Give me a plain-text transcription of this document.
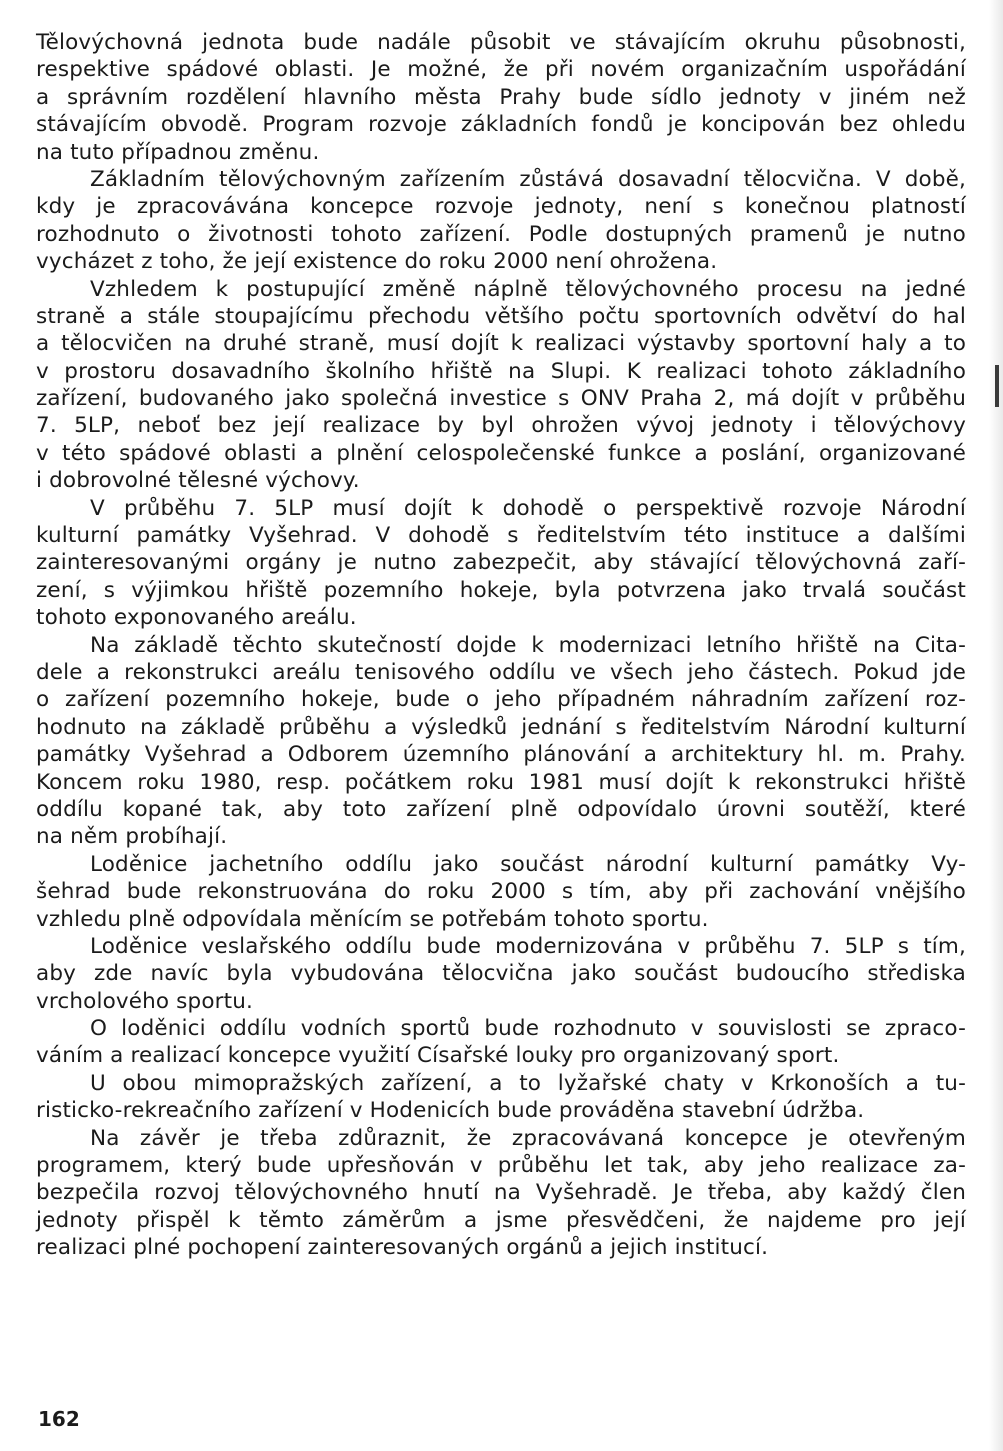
Tělovýchovná jednota bude nadále působit ve stávajícím okruhu působnosti,
respektive spádové oblasti. Je možné, že při novém organizačním uspořádání
a správním rozdělení hlavního města Prahy bude sídlo jednoty v jiném než
stávajícím obvodě. Program rozvoje základních fondů je koncipován bez ohledu
na tuto případnou změnu.
Základním tělovýchovným zařízením zůstává dosavadní tělocvična. V době,
kdy je zpracovávána koncepce rozvoje jednoty, není s konečnou platností
rozhodnuto o životnosti tohoto zařízení. Podle dostupných pramenů je nutno
vycházet z toho, že její existence do roku 2000 není ohrožena.
Vzhledem k postupující změně náplně tělovýchovného procesu na jedné
straně a stále stoupajícímu přechodu většího počtu sportovních odvětví do hal
a tělocvičen na druhé straně, musí dojít k realizaci výstavby sportovní haly a to
v prostoru dosavadního školního hřiště na Slupi. K realizaci tohoto základního
zařízení, budovaného jako společná investice s ONV Praha 2, má dojít v průběhu
7. 5LP, neboť bez její realizace by byl ohrožen vývoj jednoty i tělovýchovy
v této spádové oblasti a plnění celospolečenské funkce a poslání, organizované
i dobrovolné tělesné výchovy.
V průběhu 7. 5LP musí dojít k dohodě o perspektivě rozvoje Národní
kulturní památky Vyšehrad. V dohodě s ředitelstvím této instituce a dalšími
zainteresovanými orgány je nutno zabezpečit, aby stávající tělovýchovná zaří-
zení, s výjimkou hřiště pozemního hokeje, byla potvrzena jako trvalá součást
tohoto exponovaného areálu.
Na základě těchto skutečností dojde k modernizaci letního hřiště na Cita-
dele a rekonstrukci areálu tenisového oddílu ve všech jeho částech. Pokud jde
o zařízení pozemního hokeje, bude o jeho případném náhradním zařízení roz-
hodnuto na základě průběhu a výsledků jednání s ředitelstvím Národní kulturní
památky Vyšehrad a Odborem územního plánování a architektury hl. m. Prahy.
Koncem roku 1980, resp. počátkem roku 1981 musí dojít k rekonstrukci hřiště
oddílu kopané tak, aby toto zařízení plně odpovídalo úrovni soutěží, které
na něm probíhají.
Loděnice jachetního oddílu jako součást národní kulturní památky Vy-
šehrad bude rekonstruována do roku 2000 s tím, aby při zachování vnějšího
vzhledu plně odpovídala měnícím se potřebám tohoto sportu.
Loděnice veslařského oddílu bude modernizována v průběhu 7. 5LP s tím,
aby zde navíc byla vybudována tělocvična jako součást budoucího střediska
vrcholového sportu.
O loděnici oddílu vodních sportů bude rozhodnuto v souvislosti se zpraco-
váním a realizací koncepce využití Císařské louky pro organizovaný sport.
U obou mimopražských zařízení, a to lyžařské chaty v Krkonoších a tu-
risticko-rekreačního zařízení v Hodenicích bude prováděna stavební údržba.
Na závěr je třeba zdůraznit, že zpracovávaná koncepce je otevřeným
programem, který bude upřesňován v průběhu let tak, aby jeho realizace za-
bezpečila rozvoj tělovýchovného hnutí na Vyšehradě. Je třeba, aby každý člen
jednoty přispěl k těmto záměrům a jsme přesvědčeni, že najdeme pro její
realizaci plné pochopení zainteresovaných orgánů a jejich institucí.
162
